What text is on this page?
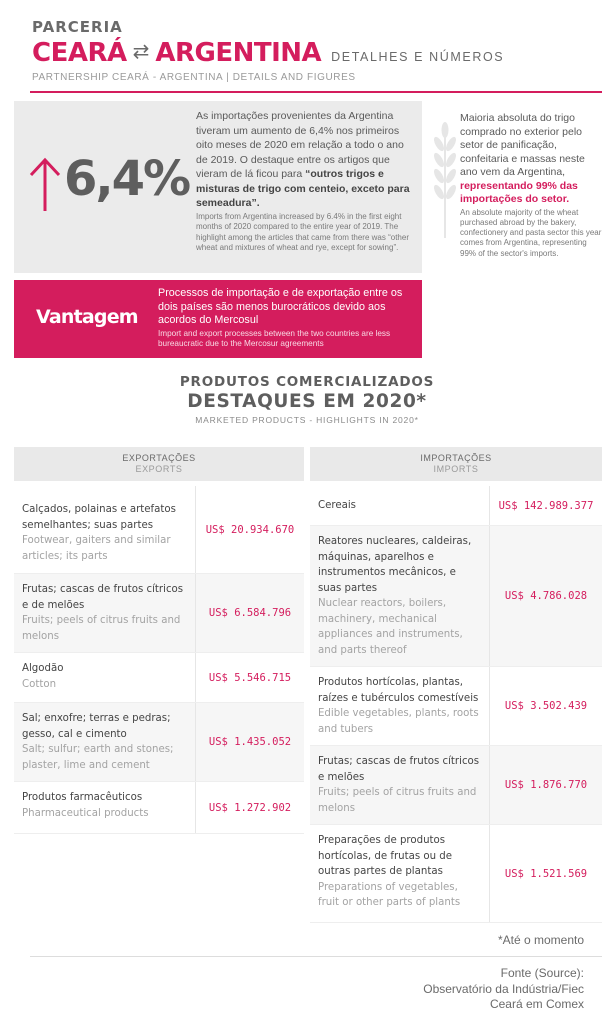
PARCERIA
CEARÁ ⇄ ARGENTINA DETALHES E NÚMEROS
PARTNERSHIP CEARÁ - ARGENTINA | DETAILS AND FIGURES
6,4%
As importações provenientes da Argentina tiveram um aumento de 6,4% nos primeiros oito meses de 2020 em relação a todo o ano de 2019. O destaque entre os artigos que vieram de lá ficou para “outros trigos e misturas de trigo com centeio, exceto para semeadura”.
Imports from Argentina increased by 6.4% in the first eight months of 2020 compared to the entire year of 2019. The highlight among the articles that came from there was “other wheat and mixtures of wheat and rye, except for sowing”.
Maioria absoluta do trigo comprado no exterior pelo setor de panificação, confeitaria e massas neste ano vem da Argentina, representando 99% das importações do setor.
An absolute majority of the wheat purchased abroad by the bakery, confectionery and pasta sector this year comes from Argentina, representing 99% of the sector's imports.
Vantagem
Processos de importação e de exportação entre os dois países são menos burocráticos devido aos acordos do Mercosul
Import and export processes between the two countries are less bureaucratic due to the Mercosur agreements
PRODUTOS COMERCIALIZADOS
DESTAQUES EM 2020*
MARKETED PRODUCTS - HIGHLIGHTS IN 2020*
EXPORTAÇÕES
EXPORTS
Calçados, polainas e artefatos semelhantes; suas partes
Footwear, gaiters and similar articles; its parts
US$ 20.934.670
Frutas; cascas de frutos cítricos e de melões
Fruits; peels of citrus fruits and melons
US$ 6.584.796
Algodão
Cotton
US$ 5.546.715
Sal; enxofre; terras e pedras; gesso, cal e cimento
Salt; sulfur; earth and stones; plaster, lime and cement
US$ 1.435.052
Produtos farmacêuticos
Pharmaceutical products	US$ 1.272.902
IMPORTAÇÕES
IMPORTS
Cereais	US$ 142.989.377
Reatores nucleares, caldeiras, máquinas, aparelhos e instrumentos mecânicos, e suas partes
Nuclear reactors, boilers, machinery, mechanical appliances and instruments, and parts thereof
US$ 4.786.028
Produtos hortícolas, plantas, raízes e tubérculos comestíveis
Edible vegetables, plants, roots and tubers
US$ 3.502.439
Frutas; cascas de frutos cítricos e melões
Fruits; peels of citrus fruits and melons
US$ 1.876.770
Preparações de produtos hortícolas, de frutas ou de outras partes de plantas
Preparations of vegetables, fruit or other parts of plants
US$ 1.521.569
*Até o momento
Fonte (Source):
Observatório da Indústria/Fiec
Ceará em Comex
